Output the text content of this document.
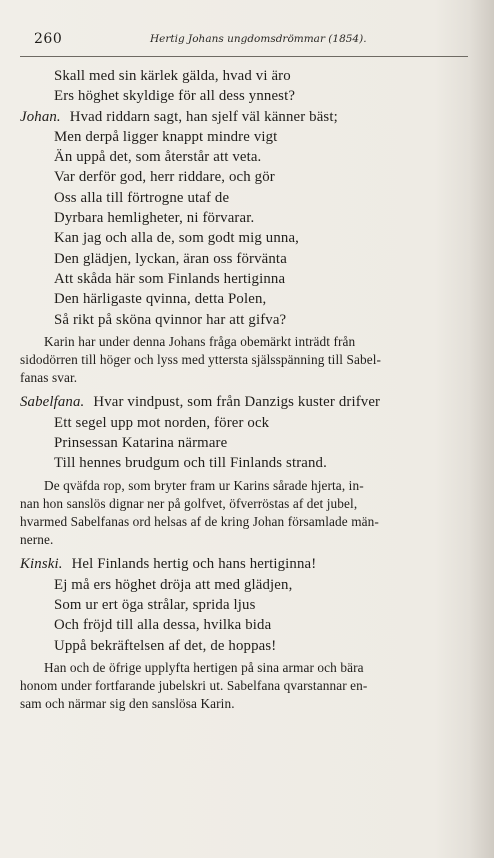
260	Hertig Johans ungdomsdrömmar (1854).
Skall med sin kärlek gälda, hvad vi äro
Ers höghet skyldige för all dess ynnest?
Johan. Hvad riddarn sagt, han sjelf väl känner bäst;
Men derpå ligger knappt mindre vigt
Än uppå det, som återstår att veta.
Var derför god, herr riddare, och gör
Oss alla till förtrogne utaf de
Dyrbara hemligheter, ni förvarar.
Kan jag och alla de, som godt mig unna,
Den glädjen, lyckan, äran oss förvänta
Att skåda här som Finlands hertiginna
Den härligaste qvinna, detta Polen,
Så rikt på sköna qvinnor har att gifva?
Karin har under denna Johans fråga obemärkt inträdt från
sidodörren till höger och lyss med yttersta själsspänning till Sabel-
fanas svar.
Sabelfana. Hvar vindpust, som från Danzigs kuster drifver
Ett segel upp mot norden, förer ock
Prinsessan Katarina närmare
Till hennes brudgum och till Finlands strand.
De qväfda rop, som bryter fram ur Karins sårade hjerta, in-
nan hon sanslös dignar ner på golfvet, öfverröstas af det jubel,
hvarmed Sabelfanas ord helsas af de kring Johan församlade män-
nerne.
Kinski. Hel Finlands hertig och hans hertiginna!
Ej må ers höghet dröja att med glädjen,
Som ur ert öga strålar, sprida ljus
Och fröjd till alla dessa, hvilka bida
Uppå bekräftelsen af det, de hoppas!
Han och de öfrige upplyfta hertigen på sina armar och bära
honom under fortfarande jubelskri ut. Sabelfana qvarstannar en-
sam och närmar sig den sanslösa Karin.
